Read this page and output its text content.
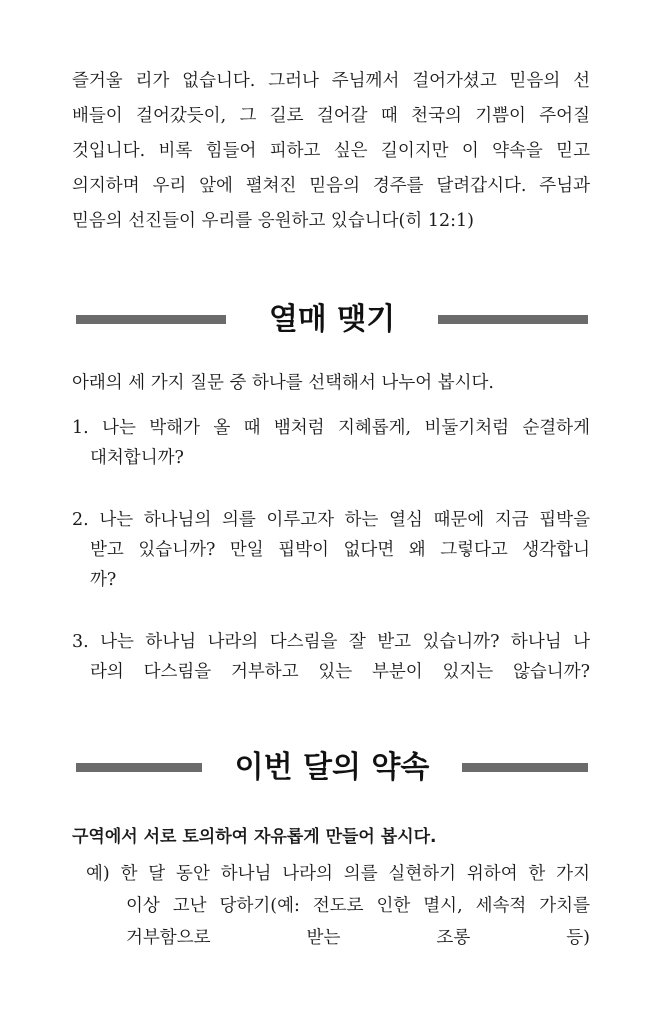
즐거울 리가 없습니다. 그러나 주님께서 걸어가셨고 믿음의 선
배들이 걸어갔듯이, 그 길로 걸어갈 때 천국의 기쁨이 주어질
것입니다. 비록 힘들어 피하고 싶은 길이지만 이 약속을 믿고
의지하며 우리 앞에 펼쳐진 믿음의 경주를 달려갑시다. 주님과
믿음의 선진들이 우리를 응원하고 있습니다(히 12:1)

열매 맺기

아래의 세 가지 질문 중 하나를 선택해서 나누어 봅시다.

1. 나는 박해가 올 때 뱀처럼 지혜롭게, 비둘기처럼 순결하게
대처합니까?
2. 나는 하나님의 의를 이루고자 하는 열심 때문에 지금 핍박을
받고 있습니까? 만일 핍박이 없다면 왜 그렇다고 생각합니
까?
3. 나는 하나님 나라의 다스림을 잘 받고 있습니까? 하나님 나
라의 다스림을 거부하고 있는 부분이 있지는 않습니까?
이번 달의 약속

구역에서 서로 토의하여 자유롭게 만들어 봅시다.

예) 한 달 동안 하나님 나라의 의를 실현하기 위하여 한 가지
이상 고난 당하기(예: 전도로 인한 멸시, 세속적 가치를
거부함으로 받는 조롱 등)
